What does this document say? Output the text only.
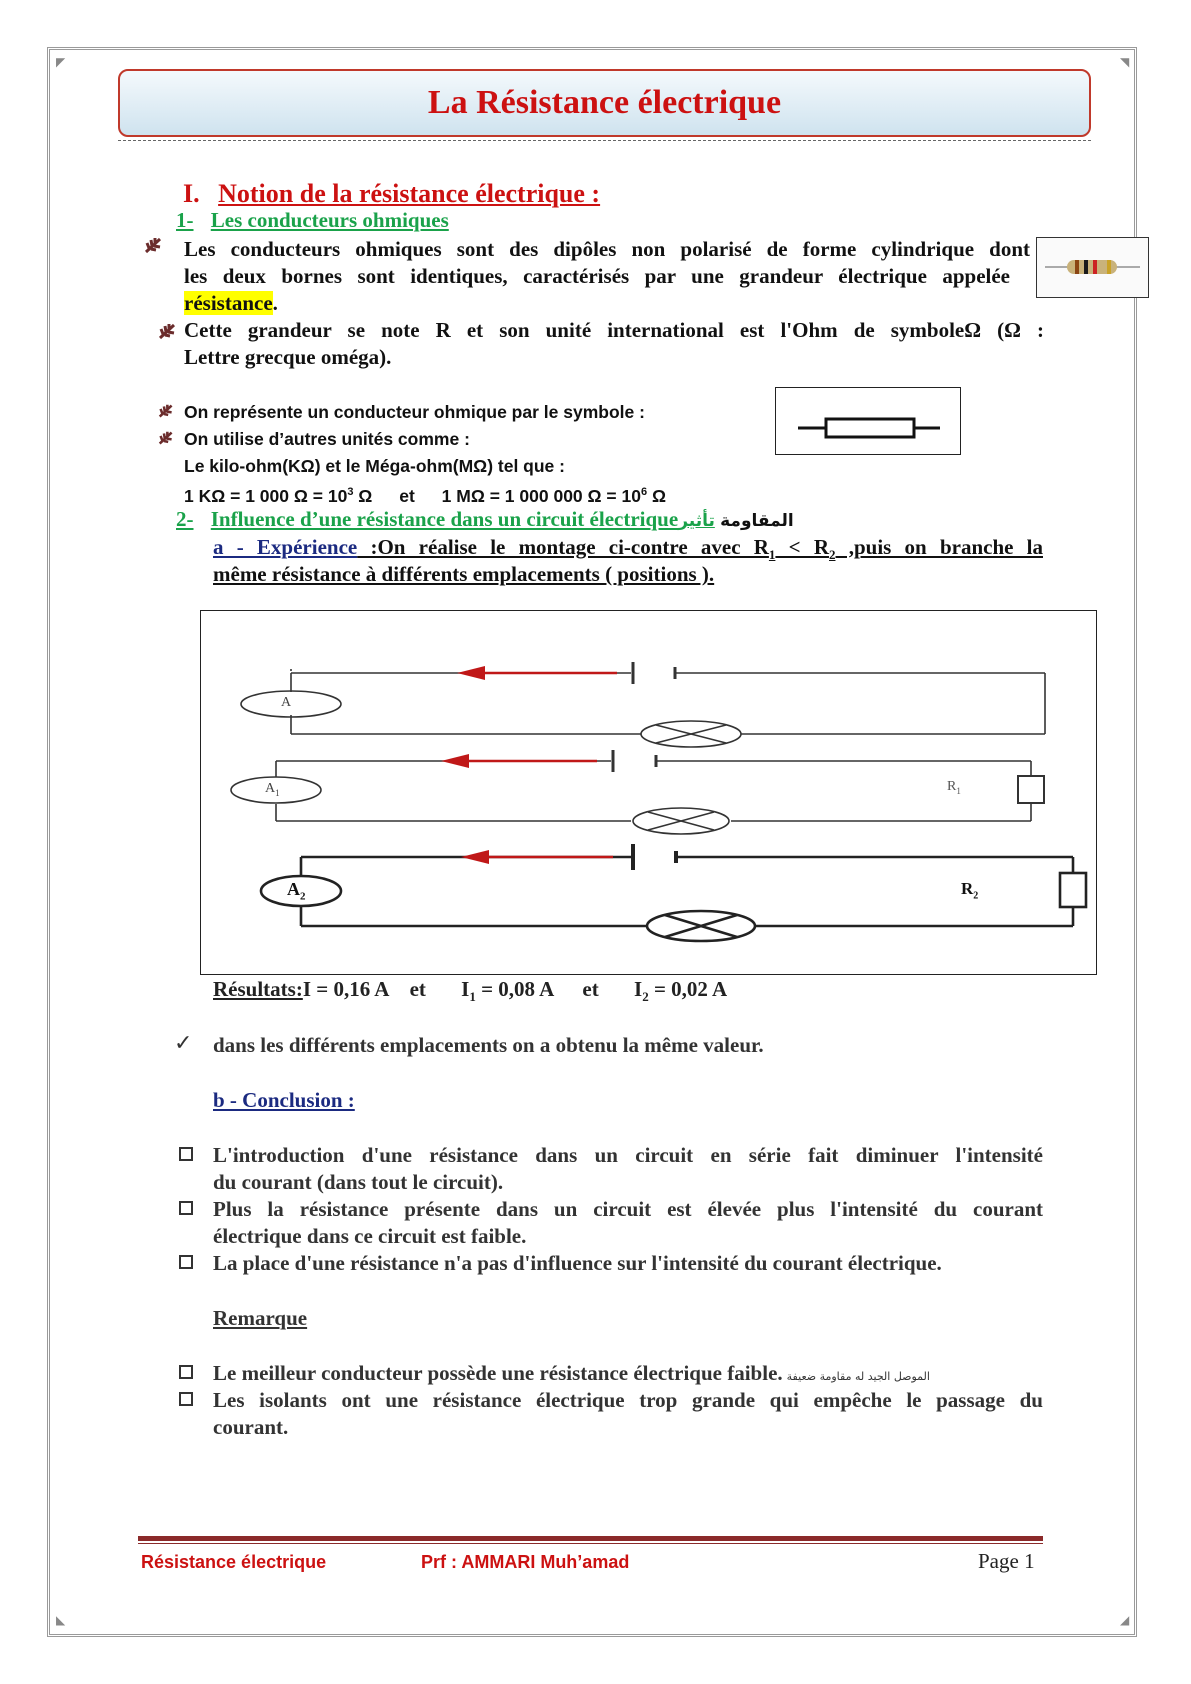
◤	◥
◣	◢
La Résistance électrique
I. Notion de la résistance électrique :
1- Les conducteurs ohmiques
Les conducteurs ohmiques sont des dipôles non polarisé de forme cylindrique dont
les deux bornes sont identiques, caractérisés par une grandeur électrique appelée
résistance.
Cette grandeur se note R et son unité international est l'Ohm de symboleΩ (Ω :
Lettre grecque oméga).
On représente un conducteur ohmique par le symbole :
On utilise d’autres unités comme :
Le kilo-ohm(KΩ) et le Méga-ohm(MΩ) tel que :
1 KΩ = 1 000 $\Omega = 10^3$ Ω et 1 MΩ = 1 000 000 $\Omega = 10^6$ Ω
2- Influence d’une résistance dans un circuit électrique المقاومة تأثير
a - Expérience :On réalise le montage ci-contre avec $R_1 < R_2$ ,puis on branche la
même résistance à différents emplacements ( positions ).
A
$A_1$
$A_2$
$R_1$
$R_2$
Résultats:I = 0,16 A et $I_1 = 0,08$ A et $I_2 = 0,02$ A
✓ dans les différents emplacements on a obtenu la même valeur.
b - Conclusion :
L'introduction d'une résistance dans un circuit en série fait diminuer l'intensité
du courant (dans tout le circuit).
Plus la résistance présente dans un circuit est élevée plus l'intensité du courant
électrique dans ce circuit est faible.
La place d'une résistance n'a pas d'influence sur l'intensité du courant électrique.
Remarque
Le meilleur conducteur possède une résistance électrique faible. الموصل الجيد له مقاومة ضعيفة
Les isolants ont une résistance électrique trop grande qui empêche le passage du
courant.
Résistance électrique	Prf : AMMARI Muh’amad	Page 1
